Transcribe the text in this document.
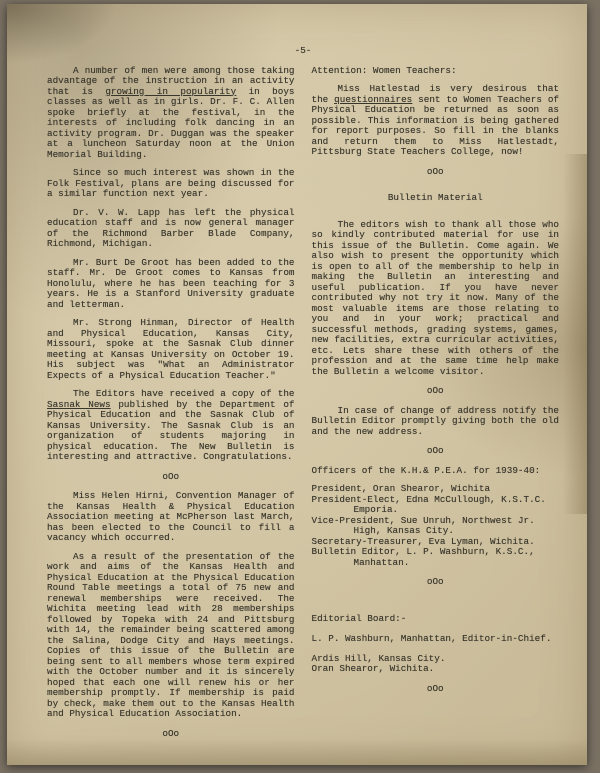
-5-

A number of men were among those taking advantage of the instruction in an activity that is growing in popularity in boys classes as well as in girls. Dr. F. C. Allen spoke briefly at the festival, in the interests of including folk dancing in an activity program. Dr. Duggan was the speaker at a luncheon Saturday noon at the Union Memorial Building.

Since so much interest was shown in the Folk Festival, plans are being discussed for a similar function next year.

Dr. V. W. Lapp has left the physical education staff and is now general manager of the Richmond Barber Blade Company, Richmond, Michigan.

Mr. Burt De Groot has been added to the staff. Mr. De Groot comes to Kansas from Honolulu, where he has been teaching for 3 years. He is a Stanford University graduate and letterman.

Mr. Strong Hinman, Director of Health and Physical Education, Kansas City, Missouri, spoke at the Sasnak Club dinner meeting at Kansas University on October 19. His subject was "What an Administrator Expects of a Physical Education Teacher."

The Editors have received a copy of the Sasnak News published by the Department of Physical Education and the Sasnak Club of Kansas University. The Sasnak Club is an organization of students majoring in physical education. The New Bulletin is interesting and attractive. Congratulations.

oOo

Miss Helen Hirni, Convention Manager of the Kansas Health & Physical Education Association meeting at McPherson last March, has been elected to the Council to fill a vacancy which occurred.

As a result of the presentation of the work and aims of the Kansas Health and Physical Education at the Physical Education Round Table meetings a total of 75 new and renewal memberships were received. The Wichita meeting lead with 28 memberships followed by Topeka with 24 and Pittsburg with 14, the remainder being scattered among the Salina, Dodge City and Hays meetings. Copies of this issue of the Bulletin are being sent to all members whose term expired with the October number and it is sincerely hoped that each one will renew his or her membership promptly. If membership is paid by check, make them out to the Kansas Health and Physical Education Association.

oOo

Attention: Women Teachers:

Miss Hatlestad is very desirous that the questionnaires sent to Women Teachers of Physical Education be returned as soon as possible. This information is being gathered for report purposes. So fill in the blanks and return them to Miss Hatlestadt, Pittsburg State Teachers College, now!

oOo

Bulletin Material

The editors wish to thank all those who so kindly contributed material for use in this issue of the Bulletin. Come again. We also wish to present the opportunity which is open to all of the membership to help in making the Bulletin an interesting and useful publication. If you have never contributed why not try it now. Many of the most valuable items are those relating to you and in your work; practical and successful methods, grading systems, games, new facilities, extra curricular activities, etc. Lets share these with others of the profession and at the same time help make the Bulletin a welcome visitor.

oOo

In case of change of address notify the Bulletin Editor promptly giving both the old and the new address.

oOo

Officers of the K.H.& P.E.A. for 1939-40:

President, Oran Shearor, Wichita

President-Elect, Edna McCullough, K.S.T.C. Emporia.

Vice-President, Sue Unruh, Northwest Jr. High, Kansas City.

Secretary-Treasurer, Eva Lyman, Wichita.

Bulletin Editor, L. P. Washburn, K.S.C., Manhattan.

oOo

Editorial Board:-

L. P. Washburn, Manhattan, Editor-in-Chief.

Ardis Hill, Kansas City.

Oran Shearor, Wichita.

oOo
